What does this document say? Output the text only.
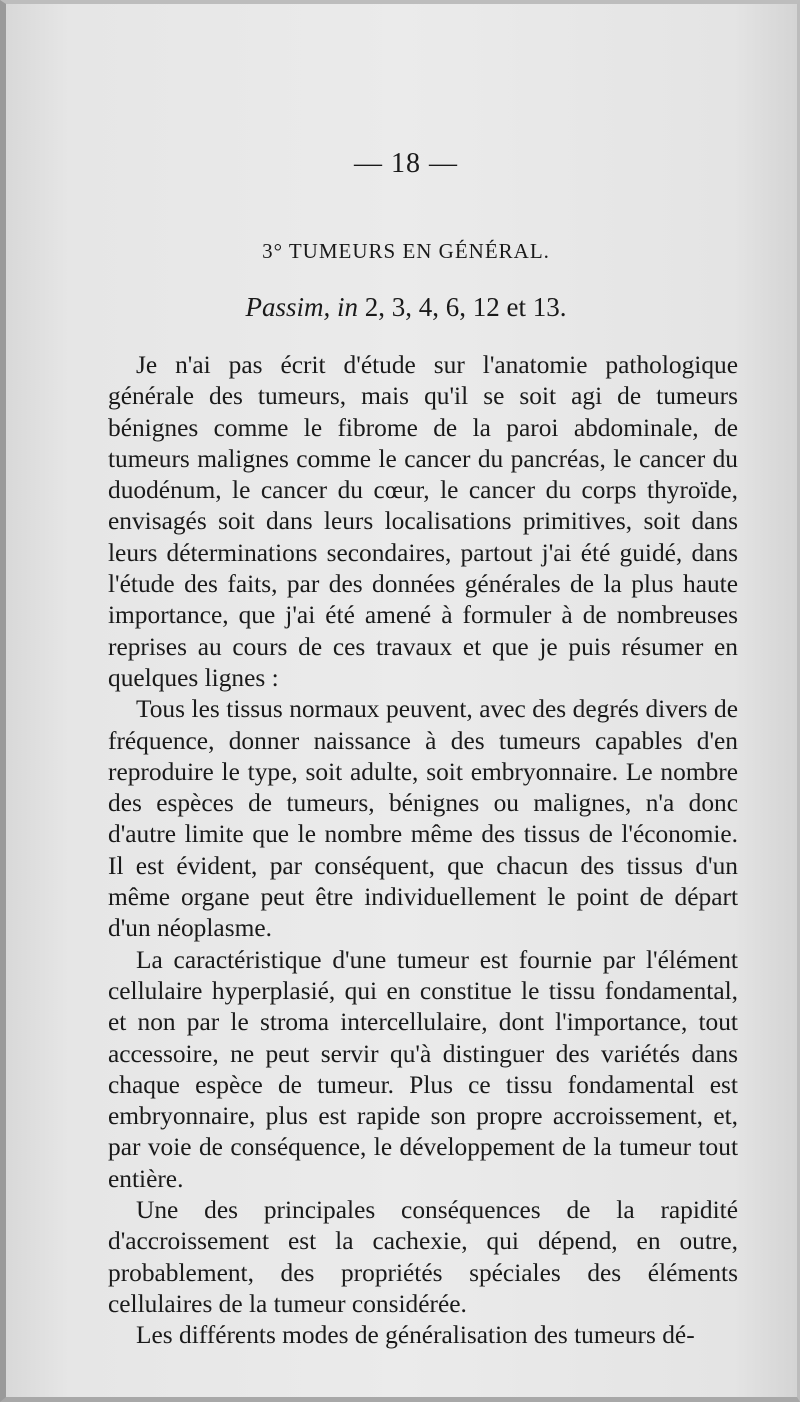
— 18 —
3° TUMEURS EN GÉNÉRAL.
Passim, in 2, 3, 4, 6, 12 et 13.

Je n'ai pas écrit d'étude sur l'anatomie pathologique générale des tumeurs, mais qu'il se soit agi de tumeurs bénignes comme le fibrome de la paroi abdominale, de tumeurs malignes comme le cancer du pancréas, le cancer du duodénum, le cancer du cœur, le cancer du corps thyroïde, envisagés soit dans leurs localisations primitives, soit dans leurs déterminations secondaires, partout j'ai été guidé, dans l'étude des faits, par des données générales de la plus haute importance, que j'ai été amené à formuler à de nombreuses reprises au cours de ces travaux et que je puis résumer en quelques lignes :

Tous les tissus normaux peuvent, avec des degrés divers de fréquence, donner naissance à des tumeurs capables d'en reproduire le type, soit adulte, soit embryonnaire. Le nombre des espèces de tumeurs, bénignes ou malignes, n'a donc d'autre limite que le nombre même des tissus de l'économie. Il est évident, par conséquent, que chacun des tissus d'un même organe peut être individuellement le point de départ d'un néoplasme.

La caractéristique d'une tumeur est fournie par l'élément cellulaire hyperplasié, qui en constitue le tissu fondamental, et non par le stroma intercellulaire, dont l'importance, tout accessoire, ne peut servir qu'à distinguer des variétés dans chaque espèce de tumeur. Plus ce tissu fondamental est embryonnaire, plus est rapide son propre accroissement, et, par voie de conséquence, le développement de la tumeur tout entière.

Une des principales conséquences de la rapidité d'accroissement est la cachexie, qui dépend, en outre, probablement, des propriétés spéciales des éléments cellulaires de la tumeur considérée.

Les différents modes de généralisation des tumeurs dé-
